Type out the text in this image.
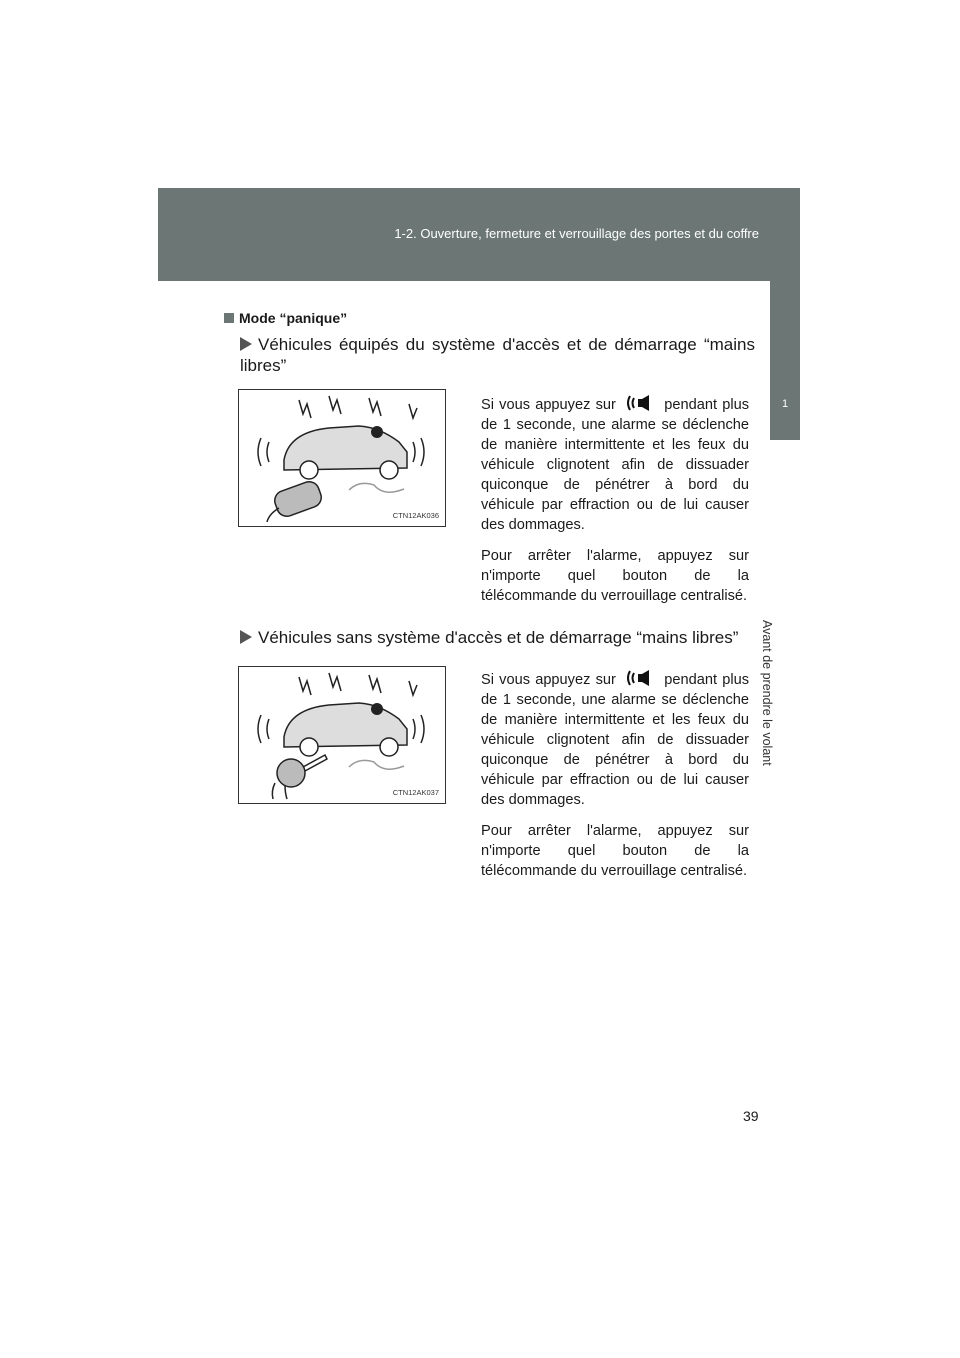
1-2. Ouverture, fermeture et verrouillage des portes et du coffre
1
Avant de prendre le volant
Mode “panique”
Véhicules équipés du système d'accès et de démarrage “mains libres”
CTN12AK036

Si vous appuyez sur	pendant plus de 1 seconde, une alarme se déclenche de manière intermittente et les feux du véhicule clignotent afin de dissuader quiconque de pénétrer à bord du véhicule par effraction ou de lui causer des dommages.

Pour arrêter l'alarme, appuyez sur n'importe quel bouton de la télécommande du verrouillage centralisé.

Véhicules sans système d'accès et de démarrage “mains libres”
CTN12AK037

Si vous appuyez sur	pendant plus de 1 seconde, une alarme se déclenche de manière intermittente et les feux du véhicule clignotent afin de dissuader quiconque de pénétrer à bord du véhicule par effraction ou de lui causer des dommages.

Pour arrêter l'alarme, appuyez sur n'importe quel bouton de la télécommande du verrouillage centralisé.

39
